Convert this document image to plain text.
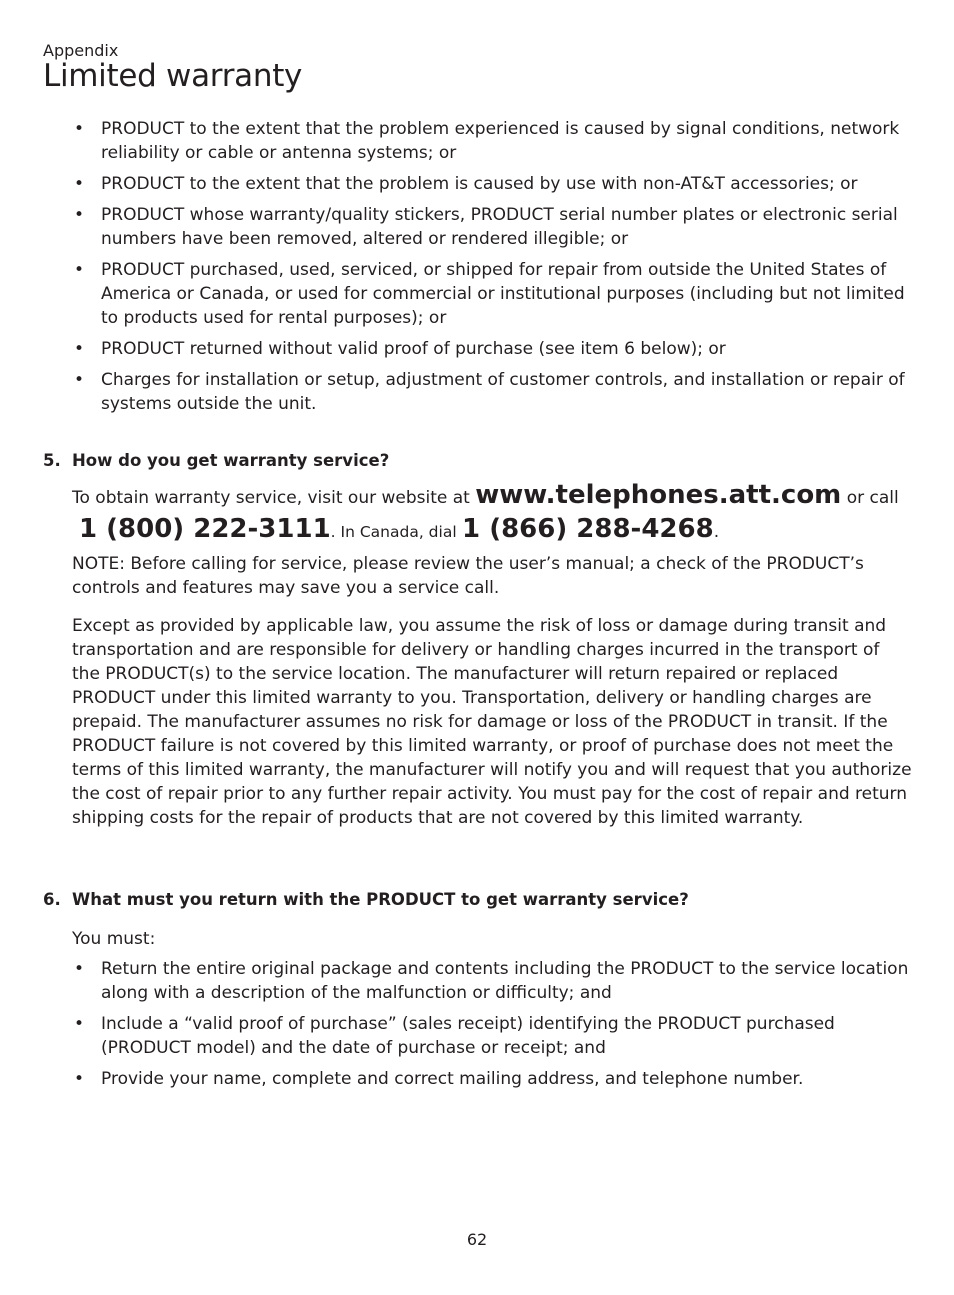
Appendix
Limited warranty
• PRODUCT to the extent that the problem experienced is caused by signal conditions, network reliability or cable or antenna systems; or
• PRODUCT to the extent that the problem is caused by use with non-AT&T accessories; or
• PRODUCT whose warranty/quality stickers, PRODUCT serial number plates or electronic serial numbers have been removed, altered or rendered illegible; or
• PRODUCT purchased, used, serviced, or shipped for repair from outside the United States of America or Canada, or used for commercial or institutional purposes (including but not limited to products used for rental purposes); or
• PRODUCT returned without valid proof of purchase (see item 6 below); or
• Charges for installation or setup, adjustment of customer controls, and installation or repair of systems outside the unit.
5. How do you get warranty service?

To obtain warranty service, visit our website at www.telephones.att.com or call
1 (800) 222-3111. In Canada, dial 1 (866) 288-4268.

NOTE: Before calling for service, please review the user’s manual; a check of the PRODUCT’s controls and features may save you a service call.

Except as provided by applicable law, you assume the risk of loss or damage during transit and transportation and are responsible for delivery or handling charges incurred in the transport of the PRODUCT(s) to the service location. The manufacturer will return repaired or replaced PRODUCT under this limited warranty to you. Transportation, delivery or handling charges are prepaid. The manufacturer assumes no risk for damage or loss of the PRODUCT in transit. If the PRODUCT failure is not covered by this limited warranty, or proof of purchase does not meet the terms of this limited warranty, the manufacturer will notify you and will request that you authorize the cost of repair prior to any further repair activity. You must pay for the cost of repair and return shipping costs for the repair of products that are not covered by this limited warranty.

6. What must you return with the PRODUCT to get warranty service?

You must:

• Return the entire original package and contents including the PRODUCT to the service location along with a description of the malfunction or difficulty; and
• Include a “valid proof of purchase” (sales receipt) identifying the PRODUCT purchased (PRODUCT model) and the date of purchase or receipt; and
• Provide your name, complete and correct mailing address, and telephone number.
62
